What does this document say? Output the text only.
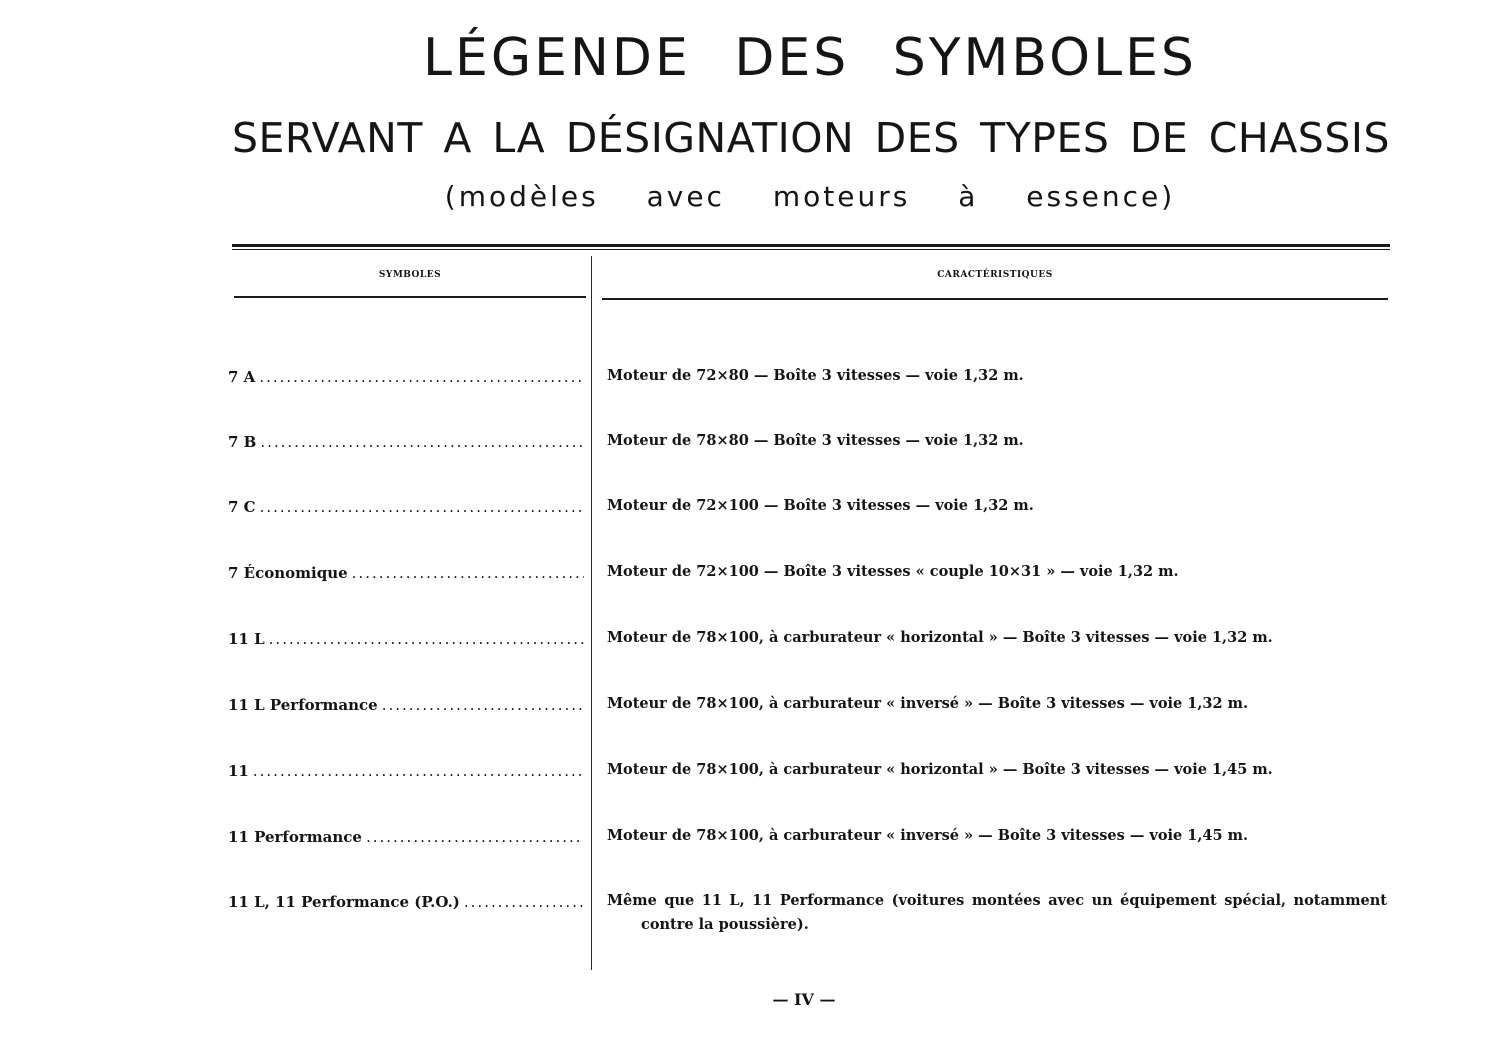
LÉGENDE DES SYMBOLES
SERVANT A LA DÉSIGNATION DES TYPES DE CHASSIS
(modèles avec moteurs à essence)
SYMBOLES	CARACTÉRISTIQUES
7 A .....	Moteur de 72×80 — Boîte 3 vitesses — voie 1,32 m.
7 B .....	Moteur de 78×80 — Boîte 3 vitesses — voie 1,32 m.
7 C .....	Moteur de 72×100 — Boîte 3 vitesses — voie 1,32 m.
7 Économique .....	Moteur de 72×100 — Boîte 3 vitesses « couple 10×31 » — voie 1,32 m.
11 L .....	Moteur de 78×100, à carburateur « horizontal » — Boîte 3 vitesses — voie 1,32 m.
11 L Performance .....	Moteur de 78×100, à carburateur « inversé » — Boîte 3 vitesses — voie 1,32 m.
11 .....	Moteur de 78×100, à carburateur « horizontal » — Boîte 3 vitesses — voie 1,45 m.
11 Performance .....	Moteur de 78×100, à carburateur « inversé » — Boîte 3 vitesses — voie 1,45 m.
11 L, 11 Performance (P.O.) .....	Même que 11 L, 11 Performance (voitures montées avec un équipement spécial, notamment contre la poussière).
— IV —
